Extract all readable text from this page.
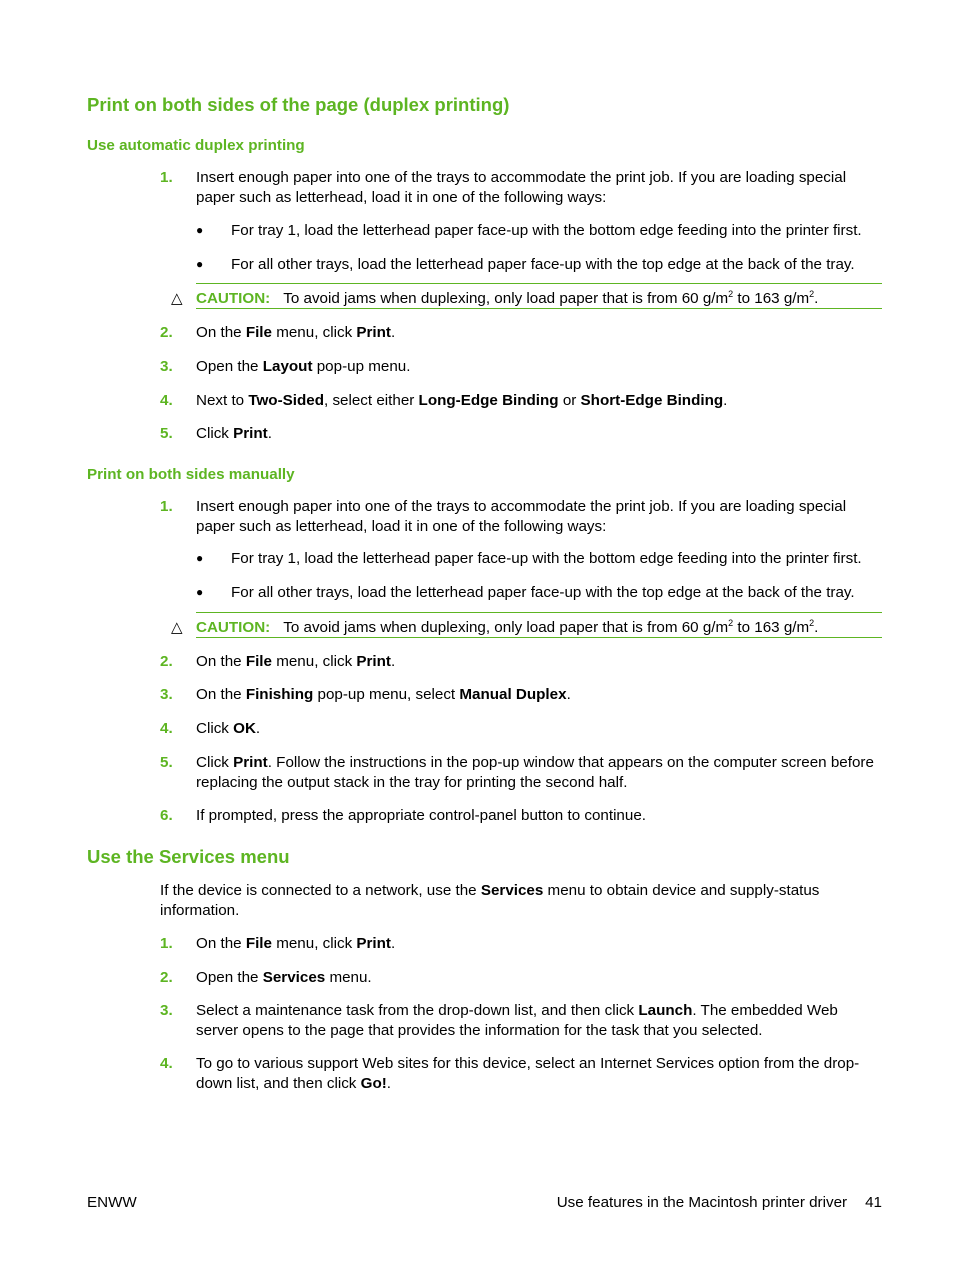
Print on both sides of the page (duplex printing)
Use automatic duplex printing
1. Insert enough paper into one of the trays to accommodate the print job. If you are loading special paper such as letterhead, load it in one of the following ways:
● For tray 1, load the letterhead paper face-up with the bottom edge feeding into the printer first.
● For all other trays, load the letterhead paper face-up with the top edge at the back of the tray.
△ CAUTION: To avoid jams when duplexing, only load paper that is from 60 $g/m^2$ to 163 $g/m^2$.
2. On the File menu, click Print.
3. Open the Layout pop-up menu.
4. Next to Two-Sided, select either Long-Edge Binding or Short-Edge Binding.
5. Click Print.
Print on both sides manually
1. Insert enough paper into one of the trays to accommodate the print job. If you are loading special paper such as letterhead, load it in one of the following ways:
● For tray 1, load the letterhead paper face-up with the bottom edge feeding into the printer first.
● For all other trays, load the letterhead paper face-up with the top edge at the back of the tray.
△ CAUTION: To avoid jams when duplexing, only load paper that is from 60 $g/m^2$ to 163 $g/m^2$.
2. On the File menu, click Print.
3. On the Finishing pop-up menu, select Manual Duplex.
4. Click OK.
5. Click Print. Follow the instructions in the pop-up window that appears on the computer screen before replacing the output stack in the tray for printing the second half.
6. If prompted, press the appropriate control-panel button to continue.
Use the Services menu
If the device is connected to a network, use the Services menu to obtain device and supply-status information.
1. On the File menu, click Print.
2. Open the Services menu.
3. Select a maintenance task from the drop-down list, and then click Launch. The embedded Web server opens to the page that provides the information for the task that you selected.
4. To go to various support Web sites for this device, select an Internet Services option from the drop-down list, and then click Go!.
ENWW	Use features in the Macintosh printer driver 41
